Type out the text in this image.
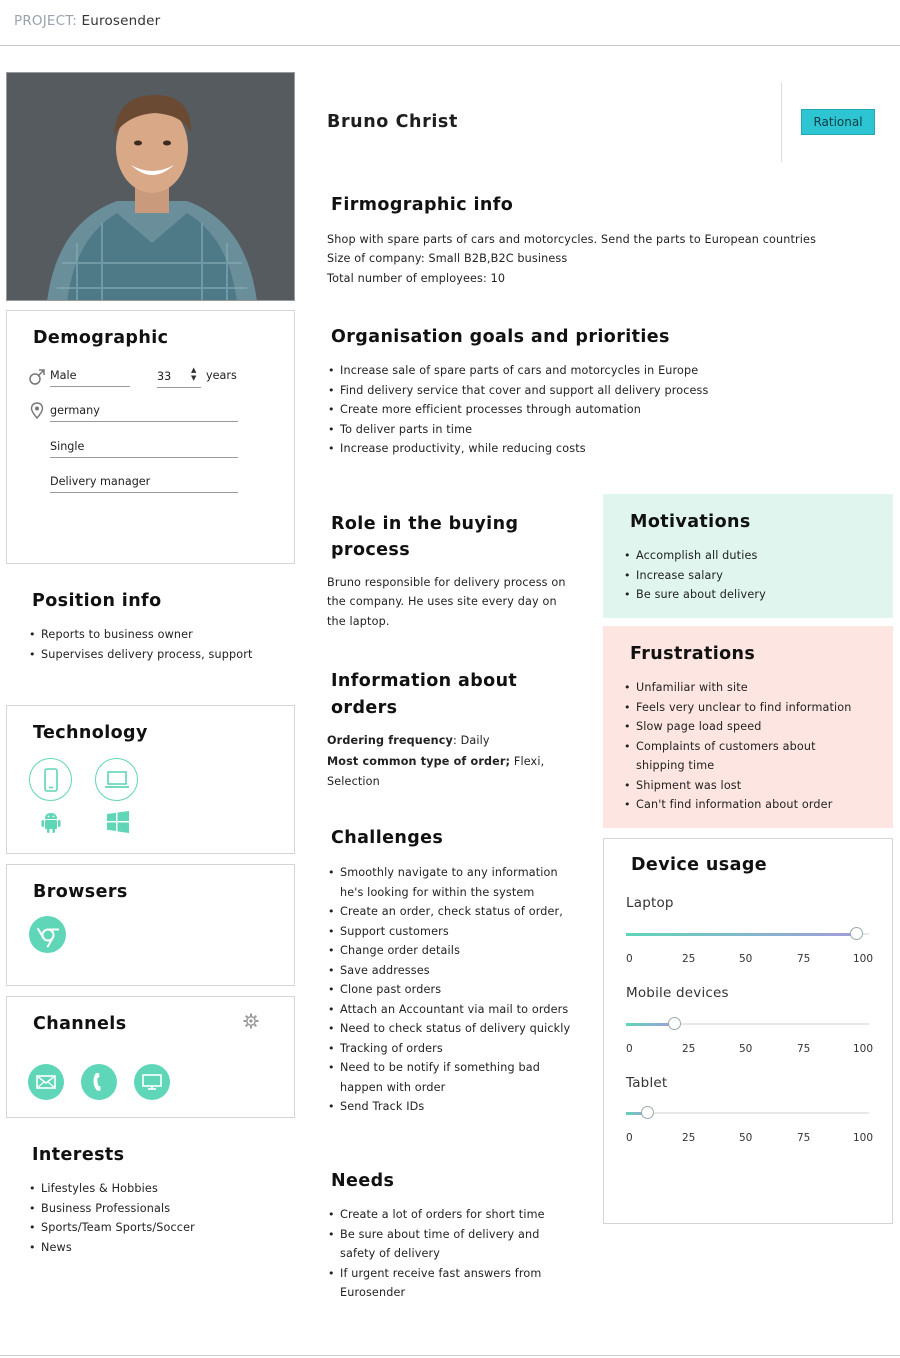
PROJECT: Eurosender
Bruno Christ	Rational
Firmographic info
Shop with spare parts of cars and motorcycles. Send the parts to European countries
Size of company: Small B2B,B2C business
Total number of employees: 10
Demographic
Male	33	▲
▼ years
germany
Single
Delivery manager
Organisation goals and priorities
• Increase sale of spare parts of cars and motorcycles in Europe
• Find delivery service that cover and support all delivery process
• Create more efficient processes through automation
• To deliver parts in time
• Increase productivity, while reducing costs
Position info
• Reports to business owner
• Supervises delivery process, support
Role in the buying
process
Bruno responsible for delivery process on
the company. He uses site every day on
the laptop.
Motivations
• Accomplish all duties
• Increase salary
• Be sure about delivery
Frustrations
• Unfamiliar with site
• Feels very unclear to find information
• Slow page load speed
• Complaints of customers about shipping time
• Shipment was lost
• Can't find information about order
Information about
orders
Ordering frequency: Daily
Most common type of order; Flexi,
Selection
Technology
Challenges
• Smoothly navigate to any information he's looking for within the system
• Create an order, check status of order,
• Support customers
• Change order details
• Save addresses
• Clone past orders
• Attach an Accountant via mail to orders
• Need to check status of delivery quickly
• Tracking of orders
• Need to be notify if something bad happen with order
• Send Track IDs
Device usage
Laptop
0	25	50	75	100
Mobile devices
0	25	50	75	100
Tablet
0	25	50	75	100
Browsers
Channels
Interests
• Lifestyles & Hobbies
• Business Professionals
• Sports/Team Sports/Soccer
• News
Needs
• Create a lot of orders for short time
• Be sure about time of delivery and safety of delivery
• If urgent receive fast answers from Eurosender
